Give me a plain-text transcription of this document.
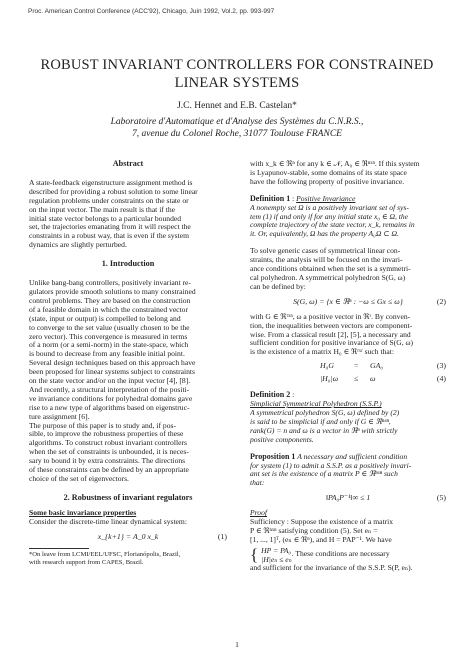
Proc. American Control Conference (ACC'92), Chicago, Juin 1992, Vol.2, pp. 993-997
ROBUST INVARIANT CONTROLLERS FOR CONSTRAINED
LINEAR SYSTEMS
J.C. Hennet and E.B. Castelan*
Laboratoire d'Automatique et d'Analyse des Systèmes du C.N.R.S.,
7, avenue du Colonel Roche, 31077 Toulouse FRANCE
Abstract
A state-feedback eigenstructure assignment method is
described for providing a robust solution to some linear
regulation problems under constraints on the state or
on the input vector. The main result is that if the
initial state vector belongs to a particular bounded
set, the trajectories emanating from it will respect the
constraints in a robust way, that is even if the system
dynamics are slightly perturbed.
1. Introduction
Unlike bang-bang controllers, positively invariant re-
gulators provide smooth solutions to many constrained
control problems. They are based on the construction
of a feasible domain in which the constrained vector
(state, input or output) is compelled to belong and
to converge to the set value (usually chosen to be the
zero vector). This convergence is measured in terms
of a norm (or a semi-norm) in the state-space, which
is bound to decrease from any feasible initial point.
Several design techniques based on this approach have
been proposed for linear systems subject to constraints
on the state vector and/or on the input vector [4], [8].
And recently, a structural interpretation of the positi-
ve invariance conditions for polyhedral domains gave
rise to a new type of algorithms based on eigenstruc-
ture assignment [6].
The purpose of this paper is to study and, if pos-
sible, to improve the robustness properties of these
algorithms. To construct robust invariant controllers
when the set of constraints is unbounded, it is neces-
sary to bound it by extra constraints. The directions
of these constraints can be defined by an appropriate
choice of the set of eigenvectors.
2. Robustness of invariant regulators
Some basic invariance properties
Consider the discrete-time linear dynamical system:
x_{k+1} = A_0 x_k	(1)
*On leave from LCMI/EEL/UFSC, Florianópolis, Brazil,
with research support from CAPES, Brazil.
with x_k ∈ ℜⁿ for any k ∈ 𝒩, A₀ ∈ ℜⁿˣⁿ. If this system
is Lyapunov-stable, some domains of its state space
have the following property of positive invariance.
Definition 1 : Positive Invariance
A nonempty set Ω is a positively invariant set of sys-
tem (1) if and only if for any initial state x₀ ∈ Ω, the
complete trajectory of the state vector, x_k, remains in
it. Or, equivalently, Ω has the property A₀Ω ⊂ Ω.
To solve generic cases of symmetrical linear con-
straints, the analysis will be focused on the invari-
ance conditions obtained when the set is a symmetri-
cal polyhedron. A symmetrical polyhedron S(G, ω)
can be defined by:
S(G, ω) = {x ∈ ℜⁿ : −ω ≤ Gx ≤ ω}	(2)
with G ∈ ℜʳˣⁿ, ω a positive vector in ℜʳ. By conven-
tion, the inequalities between vectors are component-
wise. From a classical result [2], [5], a necessary and
sufficient condition for positive invariance of S(G, ω)
is the existence of a matrix H₀ ∈ ℜʳˣʳ such that:
H₀G	= GA₀	(3)
|H₀|ω ≤ ω	(4)
Definition 2 :
Simplicial Symmetrical Polyhedron (S.S.P.)
A symmetrical polyhedron S(G, ω) defined by (2)
is said to be simplicial if and only if G ∈ ℜⁿˣⁿ,
rank(G) = n and ω is a vector in ℜⁿ with strictly
positive components.
Proposition 1 A necessary and sufficient condition
for system (1) to admit a S.S.P. as a positively invari-
ant set is the existence of a matrix P ∈ ℜⁿˣⁿ such
that:
‖PA₀P⁻¹‖∞ ≤ 1	(5)
Proof
Sufficiency : Suppose the existence of a matrix
P ∈ ℜⁿˣⁿ satisfying condition (5). Set eₙ =
[1, ..., 1]ᵀ, (eₙ ∈ ℜⁿ), and H = PAP⁻¹. We have
{ HP = PA₀
|H|eₙ ≤ eₙ
. These conditions are necessary
and sufficient for the invariance of the S.S.P. S(P, eₙ).
1
